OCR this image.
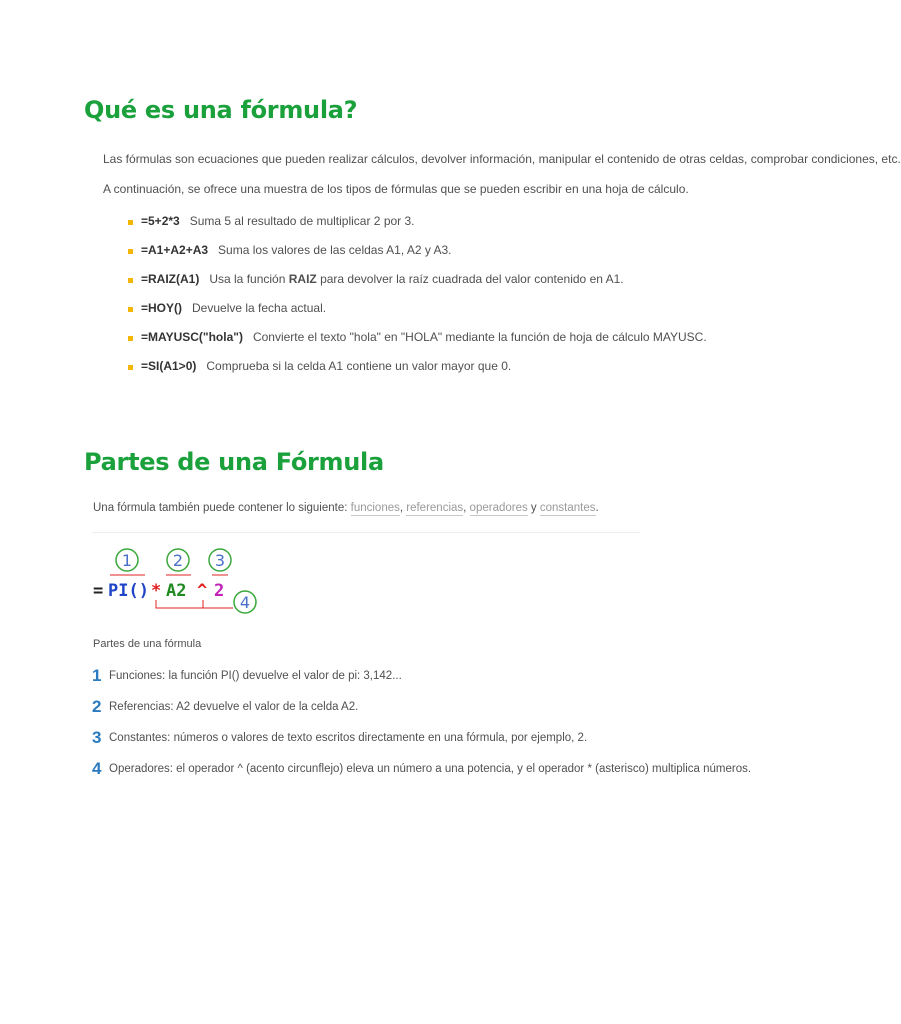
Qué es una fórmula?

Las fórmulas son ecuaciones que pueden realizar cálculos, devolver información, manipular el contenido de otras celdas, comprobar condiciones, etc.

A continuación, se ofrece una muestra de los tipos de fórmulas que se pueden escribir en una hoja de cálculo.

=5+2*3 Suma 5 al resultado de multiplicar 2 por 3.
=A1+A2+A3 Suma los valores de las celdas A1, A2 y A3.
=RAIZ(A1) Usa la función RAIZ para devolver la raíz cuadrada del valor contenido en A1.
=HOY() Devuelve la fecha actual.
=MAYUSC("hola") Convierte el texto "hola" en "HOLA" mediante la función de hoja de cálculo MAYUSC.
=SI(A1>0) Comprueba si la celda A1 contiene un valor mayor que 0.
Partes de una Fórmula

Una fórmula también puede contener lo siguiente: funciones, referencias, operadores y constantes.

1	2 3
= PI() * A2 ^ 2
4

Partes de una fórmula

1 Funciones: la función PI() devuelve el valor de pi: 3,142...
2 Referencias: A2 devuelve el valor de la celda A2.
3 Constantes: números o valores de texto escritos directamente en una fórmula, por ejemplo, 2.
4 Operadores: el operador ^ (acento circunflejo) eleva un número a una potencia, y el operador * (asterisco) multiplica números.
